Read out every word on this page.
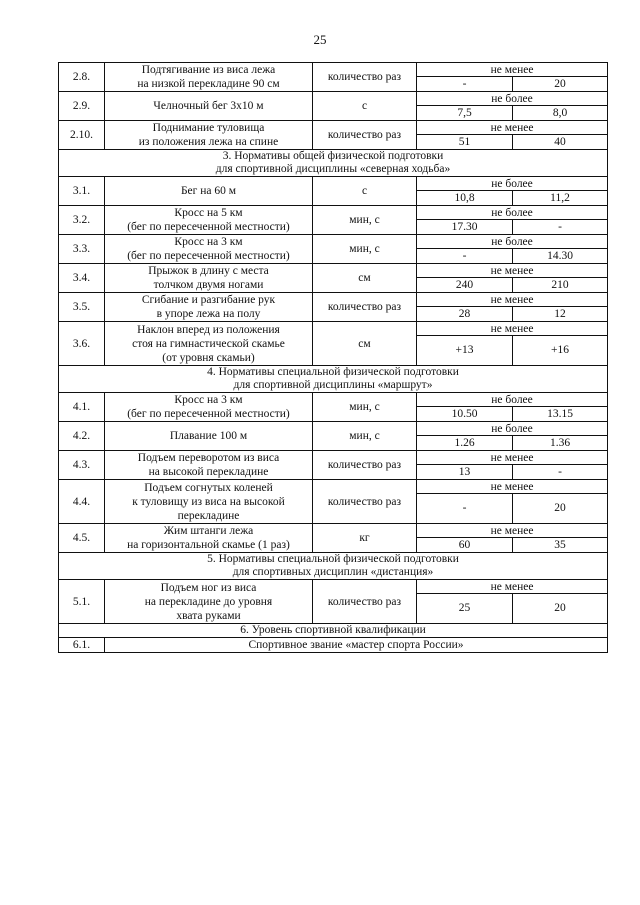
25
2.8.	Подтягивание из виса лежа
на низкой перекладине 90 см	количество раз	не менее	
			-	20
2.9.	Челночный бег 3x10 м	с	не более	
			7,5	8,0
2.10.	Поднимание туловища
из положения лежа на спине	количество раз	не менее	
			51	40

3. Нормативы общей физической подготовки
для спортивной дисциплины «северная ходьба»				

3.1.	Бег на 60 м	с	не более	
			10,8	11,2
3.2.	Кросс на 5 км
(бег по пересеченной местности)	мин, с	не более	
			17.30	-
3.3.	Кросс на 3 км
(бег по пересеченной местности)	мин, с	не более	
			-	14.30
3.4.	Прыжок в длину с места
толчком двумя ногами	см	не менее	
			240	210
3.5.	Сгибание и разгибание рук
в упоре лежа на полу	количество раз	не менее	
			28	12
3.6.	Наклон вперед из положения
стоя на гимнастической скамье
(от уровня скамьи)	см	не менее	
			+13	+16

4. Нормативы специальной физической подготовки
для спортивной дисциплины «маршрут»				

4.1.	Кросс на 3 км
(бег по пересеченной местности)	мин, с	не более	
			10.50	13.15
4.2.	Плавание 100 м	мин, с	не более	
			1.26	1.36
4.3.	Подъем переворотом из виса
на высокой перекладине	количество раз	не менее	
			13	-
4.4.	Подъем согнутых коленей
к туловищу из виса на высокой
перекладине	количество раз	не менее	
			-	20
4.5.	Жим штанги лежа
на горизонтальной скамье (1 раз)	кг	не менее	
			60	35

5. Нормативы специальной физической подготовки
для спортивных дисциплин «дистанция»				

5.1.	Подъем ног из виса
на перекладине до уровня
хвата руками	количество раз	не менее	
			25	20

6. Уровень спортивной квалификации				

6.1.	Спортивное звание «мастер спорта России»			
